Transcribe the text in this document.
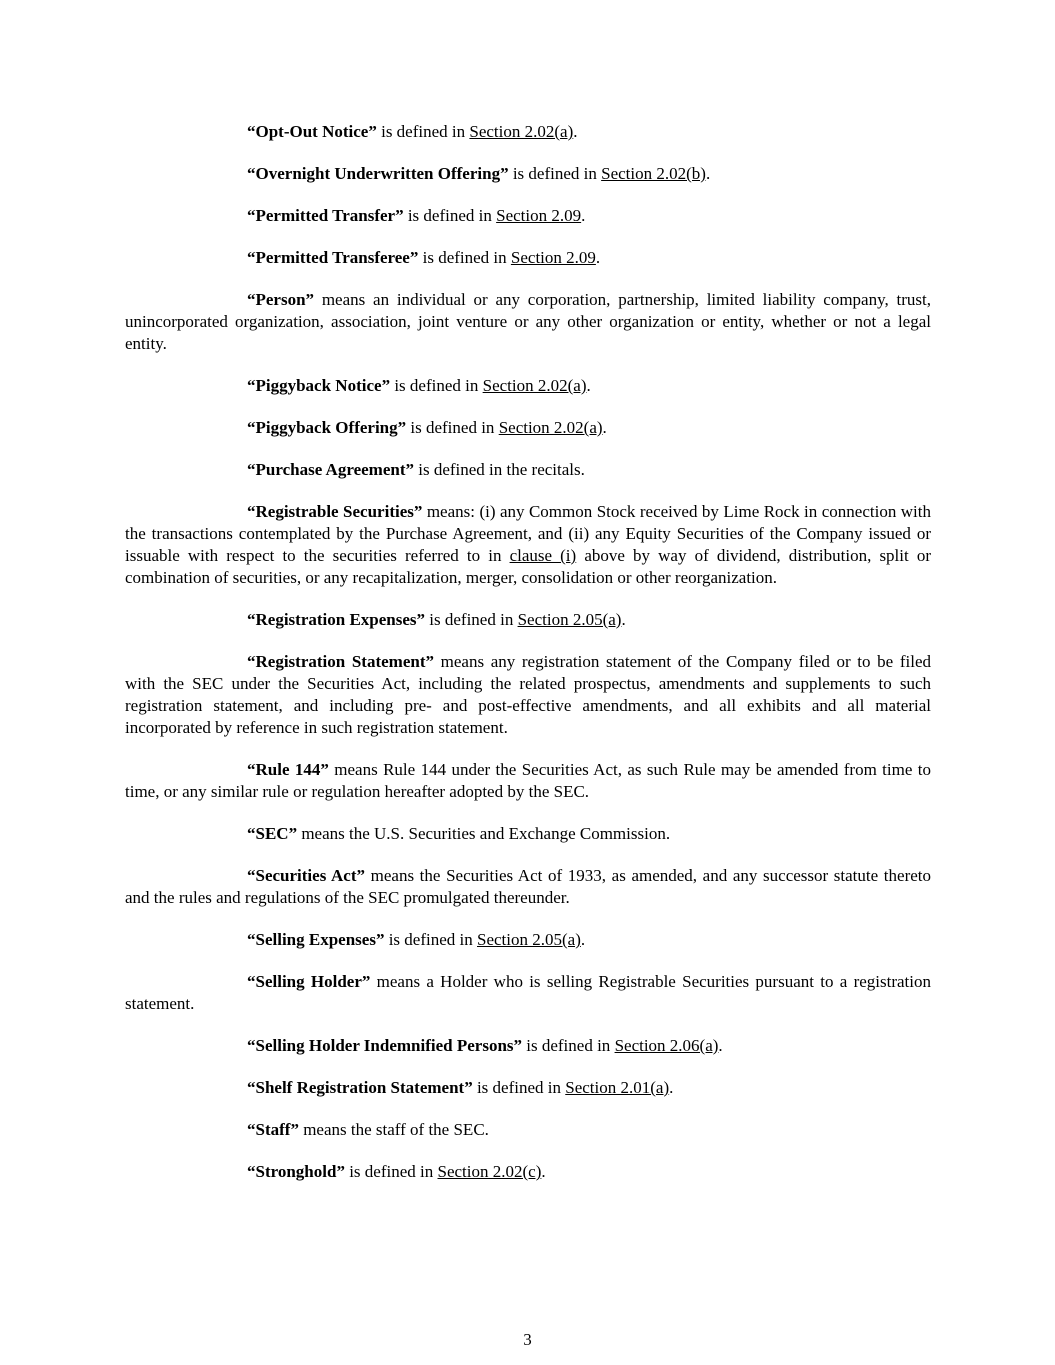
“Opt-Out Notice” is defined in Section 2.02(a).

“Overnight Underwritten Offering” is defined in Section 2.02(b).

“Permitted Transfer” is defined in Section 2.09.

“Permitted Transferee” is defined in Section 2.09.

“Person” means an individual or any corporation, partnership, limited liability company, trust, unincorporated organization, association, joint venture or any other organization or entity, whether or not a legal entity.

“Piggyback Notice” is defined in Section 2.02(a).

“Piggyback Offering” is defined in Section 2.02(a).

“Purchase Agreement” is defined in the recitals.

“Registrable Securities” means: (i) any Common Stock received by Lime Rock in connection with the transactions contemplated by the Purchase Agreement, and (ii) any Equity Securities of the Company issued or issuable with respect to the securities referred to in clause (i) above by way of dividend, distribution, split or combination of securities, or any recapitalization, merger, consolidation or other reorganization.

“Registration Expenses” is defined in Section 2.05(a).

“Registration Statement” means any registration statement of the Company filed or to be filed with the SEC under the Securities Act, including the related prospectus, amendments and supplements to such registration statement, and including pre- and post-effective amendments, and all exhibits and all material incorporated by reference in such registration statement.

“Rule 144” means Rule 144 under the Securities Act, as such Rule may be amended from time to time, or any similar rule or regulation hereafter adopted by the SEC.

“SEC” means the U.S. Securities and Exchange Commission.

“Securities Act” means the Securities Act of 1933, as amended, and any successor statute thereto and the rules and regulations of the SEC promulgated thereunder.

“Selling Expenses” is defined in Section 2.05(a).

“Selling Holder” means a Holder who is selling Registrable Securities pursuant to a registration statement.

“Selling Holder Indemnified Persons” is defined in Section 2.06(a).

“Shelf Registration Statement” is defined in Section 2.01(a).

“Staff” means the staff of the SEC.

“Stronghold” is defined in Section 2.02(c).

3
